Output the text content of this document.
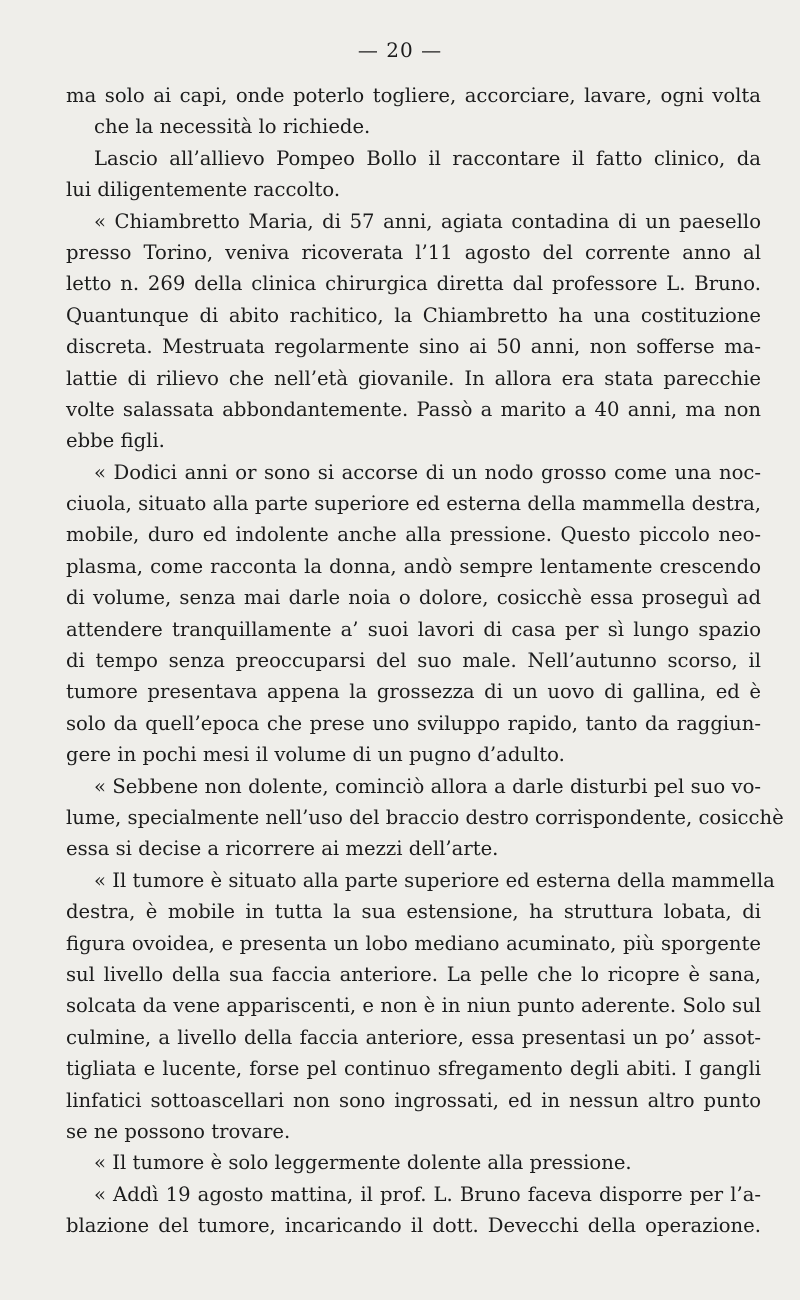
— 20 —
ma solo ai capi, onde poterlo togliere, accorciare, lavare, ogni volta
che la necessità lo richiede.
Lascio all’allievo Pompeo Bollo il raccontare il fatto clinico, da
lui diligentemente raccolto.
« Chiambretto Maria, di 57 anni, agiata contadina di un paesello
presso Torino, veniva ricoverata l’11 agosto del corrente anno al
letto n. 269 della clinica chirurgica diretta dal professore L. Bruno.
Quantunque di abito rachitico, la Chiambretto ha una costituzione
discreta. Mestruata regolarmente sino ai 50 anni, non sofferse ma-
lattie di rilievo che nell’età giovanile. In allora era stata parecchie
volte salassata abbondantemente. Passò a marito a 40 anni, ma non
ebbe figli.
« Dodici anni or sono si accorse di un nodo grosso come una noc-
ciuola, situato alla parte superiore ed esterna della mammella destra,
mobile, duro ed indolente anche alla pressione. Questo piccolo neo-
plasma, come racconta la donna, andò sempre lentamente crescendo
di volume, senza mai darle noia o dolore, cosicchè essa proseguì ad
attendere tranquillamente a’ suoi lavori di casa per sì lungo spazio
di tempo senza preoccuparsi del suo male. Nell’autunno scorso, il
tumore presentava appena la grossezza di un uovo di gallina, ed è
solo da quell’epoca che prese uno sviluppo rapido, tanto da raggiun-
gere in pochi mesi il volume di un pugno d’adulto.
« Sebbene non dolente, cominciò allora a darle disturbi pel suo vo-
lume, specialmente nell’uso del braccio destro corrispondente, cosicchè
essa si decise a ricorrere ai mezzi dell’arte.
« Il tumore è situato alla parte superiore ed esterna della mammella
destra, è mobile in tutta la sua estensione, ha struttura lobata, di
figura ovoidea, e presenta un lobo mediano acuminato, più sporgente
sul livello della sua faccia anteriore. La pelle che lo ricopre è sana,
solcata da vene appariscenti, e non è in niun punto aderente. Solo sul
culmine, a livello della faccia anteriore, essa presentasi un po’ assot-
tigliata e lucente, forse pel continuo sfregamento degli abiti. I gangli
linfatici sottoascellari non sono ingrossati, ed in nessun altro punto
se ne possono trovare.
« Il tumore è solo leggermente dolente alla pressione.
« Addì 19 agosto mattina, il prof. L. Bruno faceva disporre per l’a-
blazione del tumore, incaricando il dott. Devecchi della operazione.
